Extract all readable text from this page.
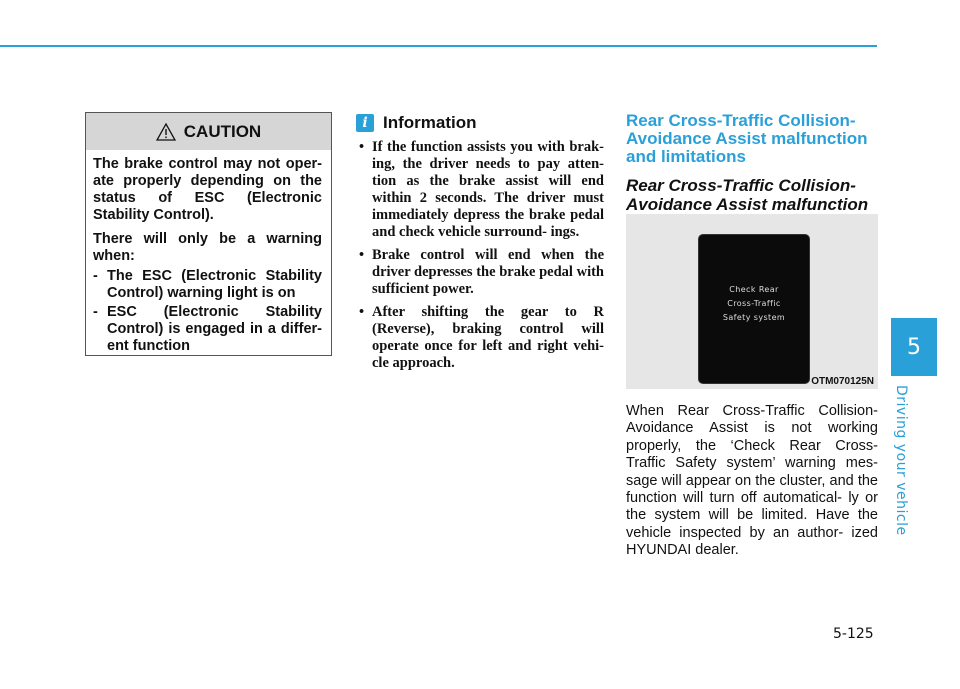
CAUTION

The brake control may not oper- ate properly depending on the status of ESC (Electronic Stability Control).

There will only be a warning when:

- The ESC (Electronic Stability Control) warning light is on
- ESC (Electronic Stability Control) is engaged in a differ- ent function
i Information
• If the function assists you with brak- ing, the driver needs to pay atten- tion as the brake assist will end within 2 seconds. The driver must immediately depress the brake pedal and check vehicle surround- ings.
• Brake control will end when the driver depresses the brake pedal with sufficient power.
• After shifting the gear to R (Reverse), braking control will operate once for left and right vehi- cle approach.
Rear Cross-Traffic Collision- Avoidance Assist malfunction and limitations
Rear Cross-Traffic Collision- Avoidance Assist malfunction
Check Rear
Cross-Traffic
Safety system
OTM070125N
When Rear Cross-Traffic Collision- Avoidance Assist is not working properly, the ‘Check Rear Cross- Traffic Safety system’ warning mes- sage will appear on the cluster, and the function will turn off automatical- ly or the system will be limited. Have the vehicle inspected by an author- ized HYUNDAI dealer.
5
Driving your vehicle
5-125
